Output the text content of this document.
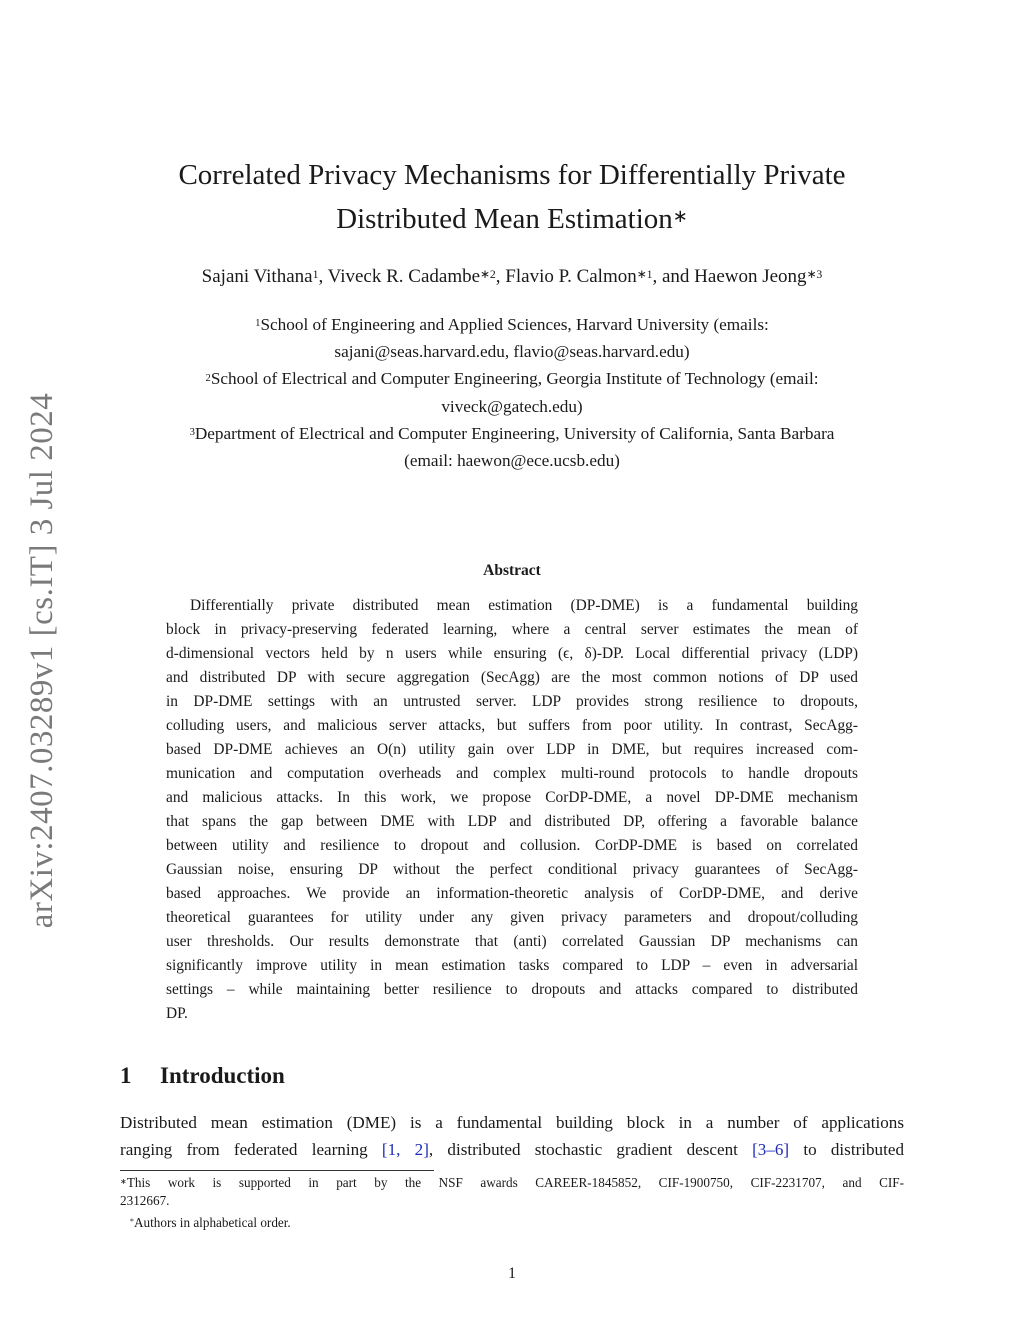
arXiv:2407.03289v1 [cs.IT] 3 Jul 2024
Correlated Privacy Mechanisms for Differentially Private
Distributed Mean Estimation∗
Sajani Vithana$^1$, Viveck R. Cadambe$^{∗2}$, Flavio P. Calmon$^{∗1}$, and Haewon Jeong$^{∗3}$
$^1$School of Engineering and Applied Sciences, Harvard University (emails:
sajani@seas.harvard.edu, flavio@seas.harvard.edu)
$^2$School of Electrical and Computer Engineering, Georgia Institute of Technology (email:
viveck@gatech.edu)
$^3$Department of Electrical and Computer Engineering, University of California, Santa Barbara
(email: haewon@ece.ucsb.edu)
Abstract
Differentially private distributed mean estimation (DP-DME) is a fundamental building
block in privacy-preserving federated learning, where a central server estimates the mean of
d-dimensional vectors held by n users while ensuring (ϵ, δ)-DP. Local differential privacy (LDP)
and distributed DP with secure aggregation (SecAgg) are the most common notions of DP used
in DP-DME settings with an untrusted server. LDP provides strong resilience to dropouts,
colluding users, and malicious server attacks, but suffers from poor utility. In contrast, SecAgg-
based DP-DME achieves an O(n) utility gain over LDP in DME, but requires increased com-
munication and computation overheads and complex multi-round protocols to handle dropouts
and malicious attacks. In this work, we propose CorDP-DME, a novel DP-DME mechanism
that spans the gap between DME with LDP and distributed DP, offering a favorable balance
between utility and resilience to dropout and collusion. CorDP-DME is based on correlated
Gaussian noise, ensuring DP without the perfect conditional privacy guarantees of SecAgg-
based approaches. We provide an information-theoretic analysis of CorDP-DME, and derive
theoretical guarantees for utility under any given privacy parameters and dropout/colluding
user thresholds. Our results demonstrate that (anti) correlated Gaussian DP mechanisms can
significantly improve utility in mean estimation tasks compared to LDP – even in adversarial
settings – while maintaining better resilience to dropouts and attacks compared to distributed
DP.
1 Introduction
Distributed mean estimation (DME) is a fundamental building block in a number of applications
ranging from federated learning [1, 2], distributed stochastic gradient descent [3–6] to distributed
∗This work is supported in part by the NSF awards CAREER-1845852, CIF-1900750, CIF-2231707, and CIF-
2312667.
*Authors in alphabetical order.
1
